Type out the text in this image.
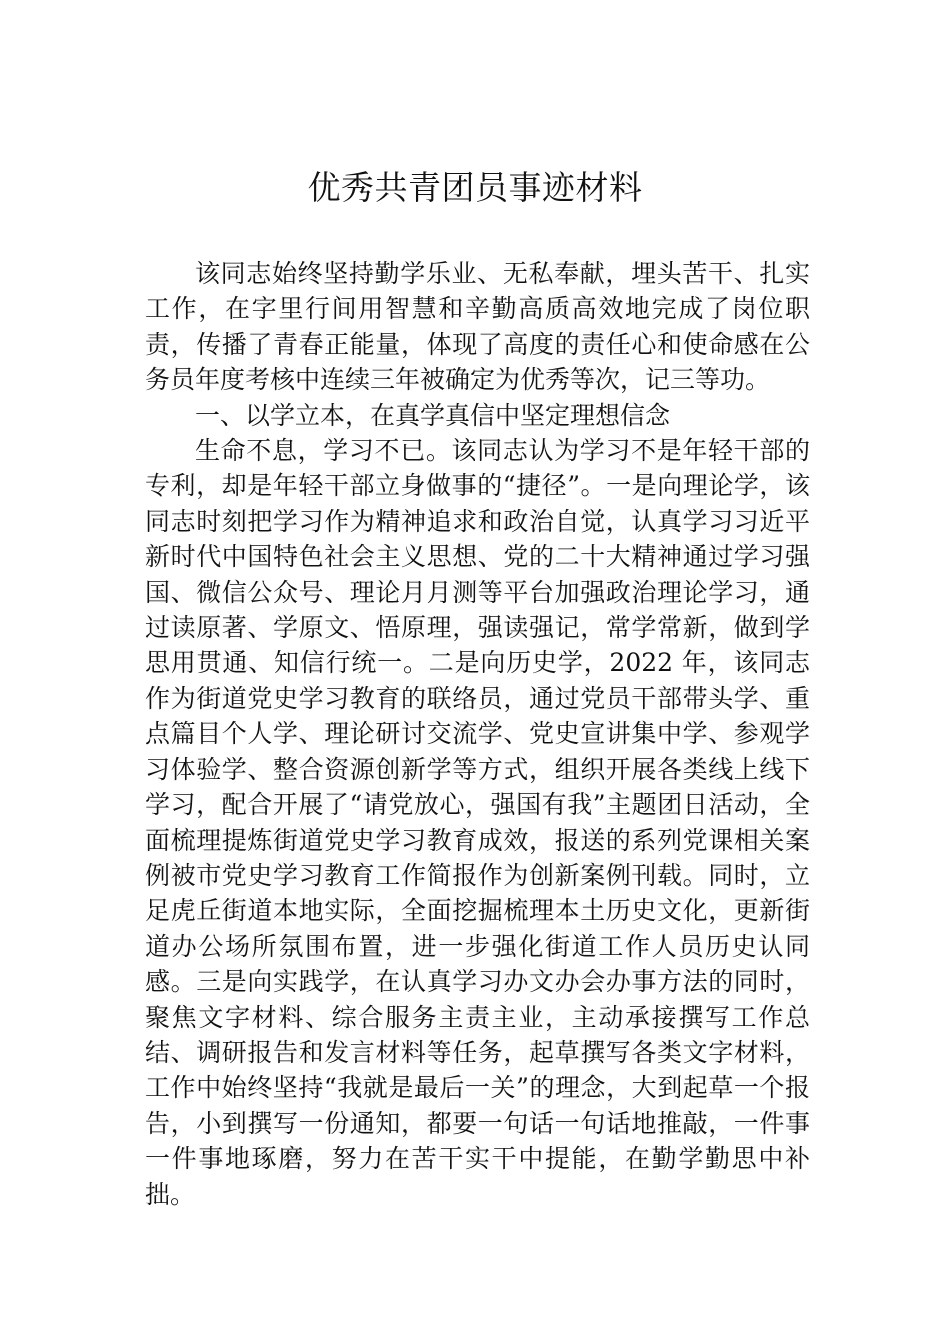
优秀共青团员事迹材料

该同志始终坚持勤学乐业、无私奉献，埋头苦干、扎实工作，在字里行间用智慧和辛勤高质高效地完成了岗位职责，传播了青春正能量，体现了高度的责任心和使命感在公务员年度考核中连续三年被确定为优秀等次，记三等功。

一、以学立本，在真学真信中坚定理想信念

生命不息，学习不已。该同志认为学习不是年轻干部的专利，却是年轻干部立身做事的“捷径”。一是向理论学，该同志时刻把学习作为精神追求和政治自觉，认真学习习近平新时代中国特色社会主义思想、党的二十大精神通过学习强国、微信公众号、理论月月测等平台加强政治理论学习，通过读原著、学原文、悟原理，强读强记，常学常新，做到学思用贯通、知信行统一。二是向历史学，2022 年，该同志作为街道党史学习教育的联络员，通过党员干部带头学、重点篇目个人学、理论研讨交流学、党史宣讲集中学、参观学习体验学、整合资源创新学等方式，组织开展各类线上线下学习，配合开展了“请党放心，强国有我”主题团日活动，全面梳理提炼街道党史学习教育成效，报送的系列党课相关案例被市党史学习教育工作简报作为创新案例刊载。同时，立足虎丘街道本地实际，全面挖掘梳理本土历史文化，更新街道办公场所氛围布置，进一步强化街道工作人员历史认同感。三是向实践学，在认真学习办文办会办事方法的同时，聚焦文字材料、综合服务主责主业，主动承接撰写工作总结、调研报告和发言材料等任务，起草撰写各类文字材料，工作中始终坚持“我就是最后一关”的理念，大到起草一个报告，小到撰写一份通知，都要一句话一句话地推敲，一件事一件事地琢磨，努力在苦干实干中提能，在勤学勤思中补拙。
